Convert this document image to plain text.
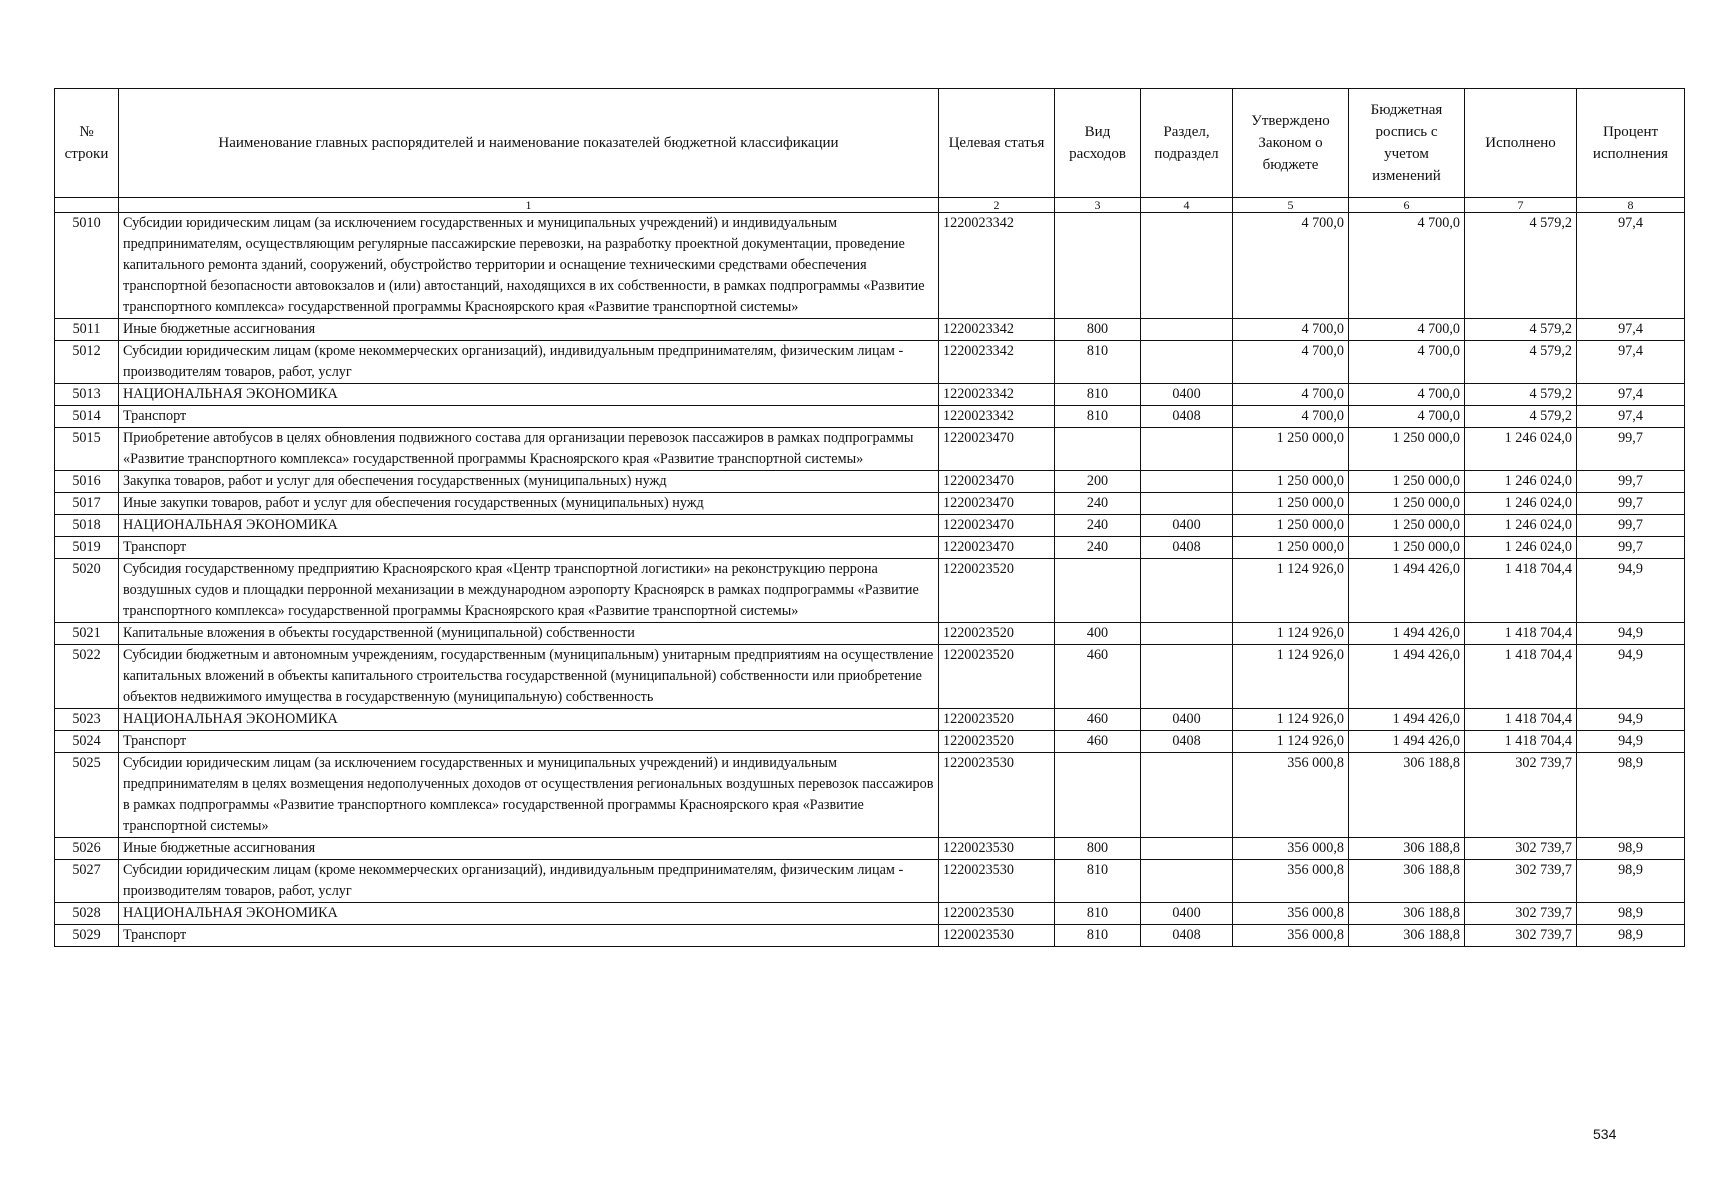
№ строки	Наименование главных распорядителей и наименование показателей бюджетной классификации	Целевая статья	Вид расходов	Раздел, подраздел	Утверждено Законом о бюджете	Бюджетная роспись с учетом изменений	Исполнено	Процент исполнения
	1	2	3	4	5	6	7	8
5010	Субсидии юридическим лицам (за исключением государственных и муниципальных учреждений) и индивидуальным предпринимателям, осуществляющим регулярные пассажирские перевозки, на разработку проектной документации, проведение капитального ремонта зданий, сооружений, обустройство территории и оснащение техническими средствами обеспечения транспортной безопасности автовокзалов и (или) автостанций, находящихся в их собственности, в рамках подпрограммы «Развитие транспортного комплекса» государственной программы Красноярского края «Развитие транспортной системы»	1220023342			4 700,0	4 700,0	4 579,2	97,4
5011	Иные бюджетные ассигнования	1220023342	800		4 700,0	4 700,0	4 579,2	97,4
5012	Субсидии юридическим лицам (кроме некоммерческих организаций), индивидуальным предпринимателям, физическим лицам - производителям товаров, работ, услуг	1220023342	810		4 700,0	4 700,0	4 579,2	97,4
5013	НАЦИОНАЛЬНАЯ ЭКОНОМИКА	1220023342	810	0400	4 700,0	4 700,0	4 579,2	97,4
5014	Транспорт	1220023342	810	0408	4 700,0	4 700,0	4 579,2	97,4
5015	Приобретение автобусов в целях обновления подвижного состава для организации перевозок пассажиров в рамках подпрограммы «Развитие транспортного комплекса» государственной программы Красноярского края «Развитие транспортной системы»	1220023470			1 250 000,0	1 250 000,0	1 246 024,0	99,7
5016	Закупка товаров, работ и услуг для обеспечения государственных (муниципальных) нужд	1220023470	200		1 250 000,0	1 250 000,0	1 246 024,0	99,7
5017	Иные закупки товаров, работ и услуг для обеспечения государственных (муниципальных) нужд	1220023470	240		1 250 000,0	1 250 000,0	1 246 024,0	99,7
5018	НАЦИОНАЛЬНАЯ ЭКОНОМИКА	1220023470	240	0400	1 250 000,0	1 250 000,0	1 246 024,0	99,7
5019	Транспорт	1220023470	240	0408	1 250 000,0	1 250 000,0	1 246 024,0	99,7
5020	Субсидия государственному предприятию Красноярского края «Центр транспортной логистики» на реконструкцию перрона воздушных судов и площадки перронной механизации в международном аэропорту Красноярск в рамках подпрограммы «Развитие транспортного комплекса» государственной программы Красноярского края «Развитие транспортной системы»	1220023520			1 124 926,0	1 494 426,0	1 418 704,4	94,9
5021	Капитальные вложения в объекты государственной (муниципальной) собственности	1220023520	400		1 124 926,0	1 494 426,0	1 418 704,4	94,9
5022	Субсидии бюджетным и автономным учреждениям, государственным (муниципальным) унитарным предприятиям на осуществление капитальных вложений в объекты капитального строительства государственной (муниципальной) собственности или приобретение объектов недвижимого имущества в государственную (муниципальную) собственность	1220023520	460		1 124 926,0	1 494 426,0	1 418 704,4	94,9
5023	НАЦИОНАЛЬНАЯ ЭКОНОМИКА	1220023520	460	0400	1 124 926,0	1 494 426,0	1 418 704,4	94,9
5024	Транспорт	1220023520	460	0408	1 124 926,0	1 494 426,0	1 418 704,4	94,9
5025	Субсидии юридическим лицам (за исключением государственных и муниципальных учреждений) и индивидуальным предпринимателям в целях возмещения недополученных доходов от осуществления региональных воздушных перевозок пассажиров в рамках подпрограммы «Развитие транспортного комплекса» государственной программы Красноярского края «Развитие транспортной системы»	1220023530			356 000,8	306 188,8	302 739,7	98,9
5026	Иные бюджетные ассигнования	1220023530	800		356 000,8	306 188,8	302 739,7	98,9
5027	Субсидии юридическим лицам (кроме некоммерческих организаций), индивидуальным предпринимателям, физическим лицам - производителям товаров, работ, услуг	1220023530	810		356 000,8	306 188,8	302 739,7	98,9
5028	НАЦИОНАЛЬНАЯ ЭКОНОМИКА	1220023530	810	0400	356 000,8	306 188,8	302 739,7	98,9
5029	Транспорт	1220023530	810	0408	356 000,8	306 188,8	302 739,7	98,9
534
